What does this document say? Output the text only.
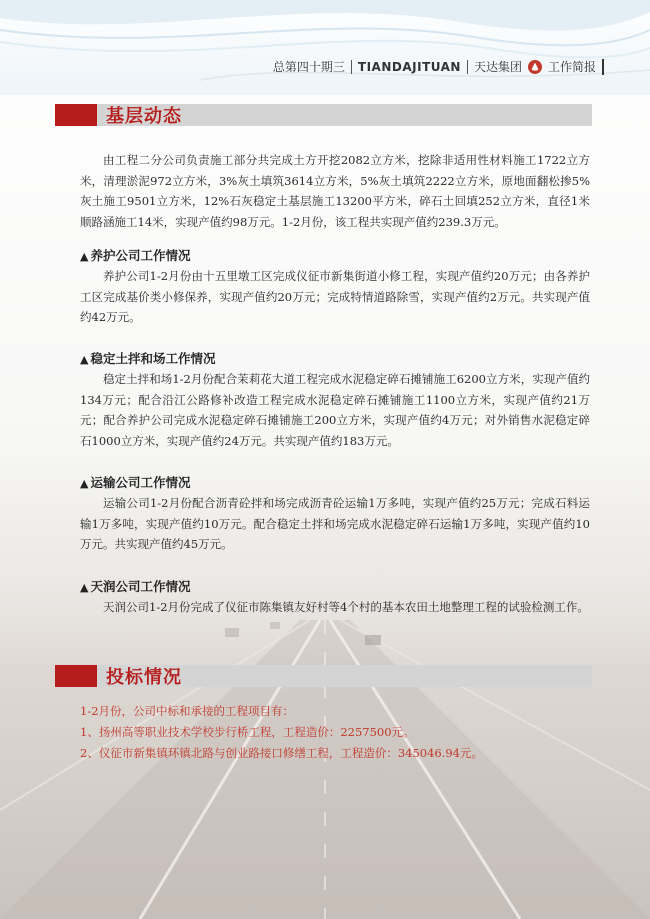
总第四十期三 TIANDAJITUAN 天达集团 工作简报
基层动态
由工程二分公司负责施工部分共完成土方开挖2082立方米，挖除非适用性材料施工1722立方米，清理淤泥972立方米，3%灰土填筑3614立方米，5%灰土填筑2222立方米，原地面翻松掺5%灰土施工9501立方米，12%石灰稳定土基层施工13200平方米，碎石土回填252立方米，直径1米顺路涵施工14米，实现产值约98万元。1-2月份，该工程共实现产值约239.3万元。
▲ 养护公司工作情况
养护公司1-2月份由十五里墩工区完成仪征市新集街道小修工程，实现产值约20万元；由各养护工区完成基价类小修保养，实现产值约20万元；完成特情道路除雪，实现产值约2万元。共实现产值约42万元。
▲ 稳定土拌和场工作情况
稳定土拌和场1-2月份配合茉莉花大道工程完成水泥稳定碎石摊铺施工6200立方米，实现产值约134万元；配合沿江公路修补改造工程完成水泥稳定碎石摊铺施工1100立方米，实现产值约21万元；配合养护公司完成水泥稳定碎石摊铺施工200立方米，实现产值约4万元；对外销售水泥稳定碎石1000立方米，实现产值约24万元。共实现产值约183万元。
▲ 运输公司工作情况
运输公司1-2月份配合沥青砼拌和场完成沥青砼运输1万多吨，实现产值约25万元；完成石料运输1万多吨，实现产值约10万元。配合稳定土拌和场完成水泥稳定碎石运输1万多吨，实现产值约10万元。共实现产值约45万元。
▲ 天润公司工作情况
天润公司1-2月份完成了仪征市陈集镇友好村等4个村的基本农田土地整理工程的试验检测工作。
投标情况
1-2月份，公司中标和承接的工程项目有：
1、扬州高等职业技术学校步行桥工程，工程造价：2257500元。
2、仪征市新集镇环镇北路与创业路接口修缮工程，工程造价：345046.94元。
